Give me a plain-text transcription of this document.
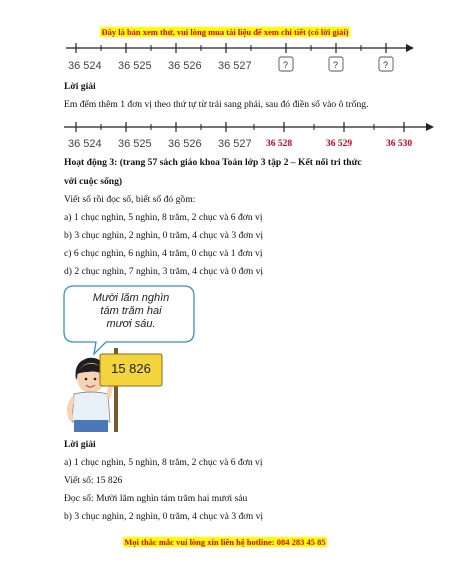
Đây là bản xem thử, vui lòng mua tài liệu để xem chi tiết (có lời giải)
36 524 36 525 36 526 36 527	?	?	?
Lời giải
Em đếm thêm 1 đơn vị theo thứ tự từ trái sang phải, sau đó điền số vào ô trống.
36 524 36 525 36 526 36 527 36 528	36 529	36 530
Hoạt động 3: (trang 57 sách giáo khoa Toán lớp 3 tập 2 – Kết nối tri thức
với cuộc sống)
Viết số rồi đọc số, biết số đó gồm:
a) 1 chục nghìn, 5 nghìn, 8 trăm, 2 chục và 6 đơn vị
b) 3 chục nghìn, 2 nghìn, 0 trăm, 4 chục và 3 đơn vị
c) 6 chục nghìn, 6 nghìn, 4 trăm, 0 chục và 1 đơn vị
d) 2 chục nghìn, 7 nghìn, 3 trăm, 4 chục và 0 đơn vị
Mười lăm nghìn
tám trăm hai
mươi sáu.
15 826
Lời giải
a) 1 chục nghìn, 5 nghìn, 8 trăm, 2 chục và 6 đơn vị
Viết số: 15 826
Đọc số: Mười lăm nghìn tám trăm hai mươi sáu
b) 3 chục nghìn, 2 nghìn, 0 trăm, 4 chục và 3 đơn vị
Mọi thắc mắc vui lòng xin liên hệ hotline: 084 283 45 85
